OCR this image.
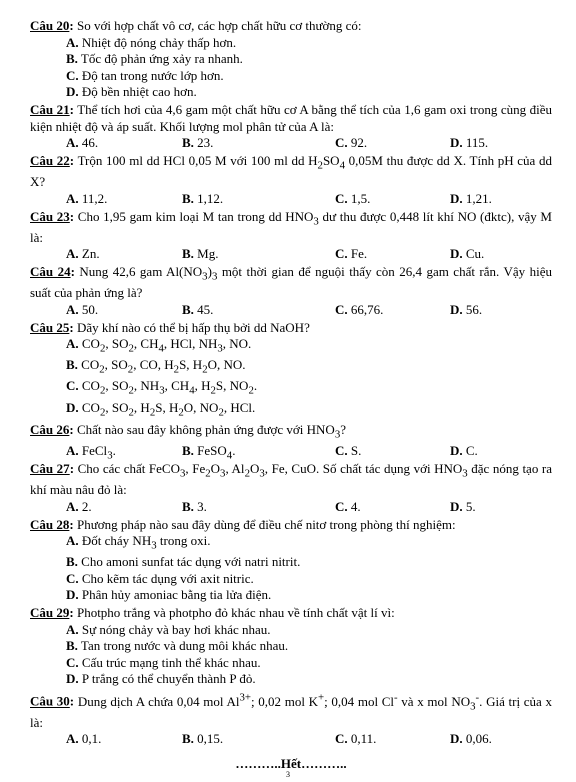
Câu 20: So với hợp chất vô cơ, các hợp chất hữu cơ thường có:
A. Nhiệt độ nóng chảy thấp hơn.
B. Tốc độ phản ứng xảy ra nhanh.
C. Độ tan trong nước lớp hơn.
D. Độ bền nhiệt cao hơn.
Câu 21: Thể tích hơi của 4,6 gam một chất hữu cơ A bằng thể tích của 1,6 gam oxi trong cùng điều kiện nhiệt độ và áp suất. Khối lượng mol phân tử của A là:
A. 46.	B. 23.	C. 92.	D. 115.
Câu 22: Trộn 100 ml dd HCl 0,05 M với 100 ml dd $H_2SO_4$ 0,05M thu được dd X. Tính pH của dd X?
A. 11,2.	B. 1,12.	C. 1,5.	D. 1,21.
Câu 23: Cho 1,95 gam kim loại M tan trong dd $HNO_3$ dư thu được 0,448 lít khí NO (đktc), vậy M là:
A. Zn.	B. Mg.	C. Fe.	D. Cu.
Câu 24: Nung 42,6 gam $Al(NO_3)_3$ một thời gian để nguội thấy còn 26,4 gam chất rắn. Vậy hiệu suất của phản ứng là?
A. 50.	B. 45.	C. 66,76.	D. 56.
Câu 25: Dãy khí nào có thể bị hấp thụ bởi dd NaOH?
A. $CO_2$, $SO_2$, $CH_4$, HCl, $NH_3$, NO.
B. $CO_2$, $SO_2$, CO, $H_2S$, $H_2O$, NO.
C. $CO_2$, $SO_2$, $NH_3$, $CH_4$, $H_2S$, $NO_2$.
D. $CO_2$, $SO_2$, $H_2S$, $H_2O$, $NO_2$, HCl.
Câu 26: Chất nào sau đây không phản ứng được với $HNO_3$?
A. FeCl$_3$.	B. FeSO$_4$.	C. S.	D. C.
Câu 27: Cho các chất FeCO$_3$, $Fe_2O_3$, $Al_2O_3$, Fe, CuO. Số chất tác dụng với $HNO_3$ đặc nóng tạo ra khí màu nâu đỏ là:
A. 2.	B. 3.	C. 4.	D. 5.
Câu 28: Phương pháp nào sau đây dùng để điều chế nitơ trong phòng thí nghiệm:
A. Đốt cháy $NH_3$ trong oxi.
B. Cho amoni sunfat tác dụng với natri nitrit.
C. Cho kẽm tác dụng với axit nitric.
D. Phân hủy amoniac bằng tia lửa điện.
Câu 29: Photpho trắng và photpho đỏ khác nhau về tính chất vật lí vì:
A. Sự nóng chảy và bay hơi khác nhau.
B. Tan trong nước và dung môi khác nhau.
C. Cấu trúc mạng tinh thể khác nhau.
D. P trắng có thể chuyển thành P đỏ.
Câu 30: Dung dịch A chứa 0,04 mol $Al^{3+}$; 0,02 mol K+; 0,04 mol Cl- và x mol $NO_3^-$. Giá trị của x là:
A. 0,1.	B. 0,15.	C. 0,11.	D. 0,06.
………..Hết………..
3
